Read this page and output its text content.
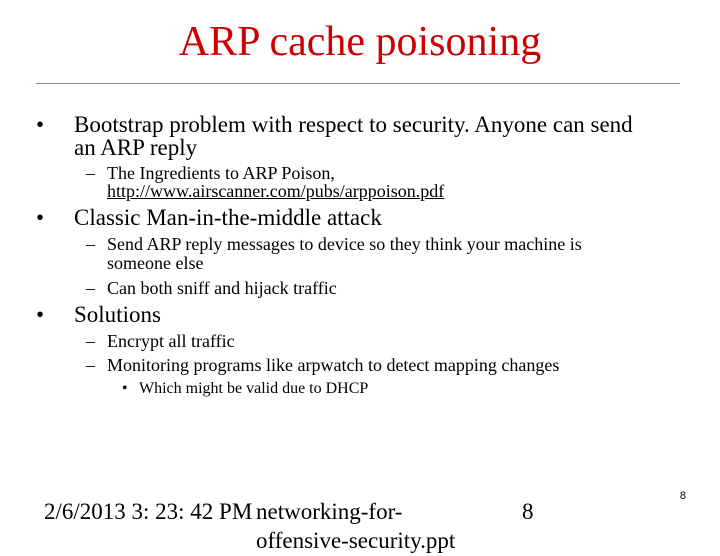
ARP cache poisoning
• Bootstrap problem with respect to security. Anyone can send
an ARP reply
– The Ingredients to ARP Poison,
http://www.airscanner.com/pubs/arppoison.pdf
• Classic Man-in-the-middle attack
– Send ARP reply messages to device so they think your machine is
someone else
– Can both sniff and hijack traffic
• Solutions
– Encrypt all traffic
– Monitoring programs like arpwatch to detect mapping changes
• Which might be valid due to DHCP
2/6/2013 3: 23: 42 PM networking-for-
offensive-security.ppt
8
8
